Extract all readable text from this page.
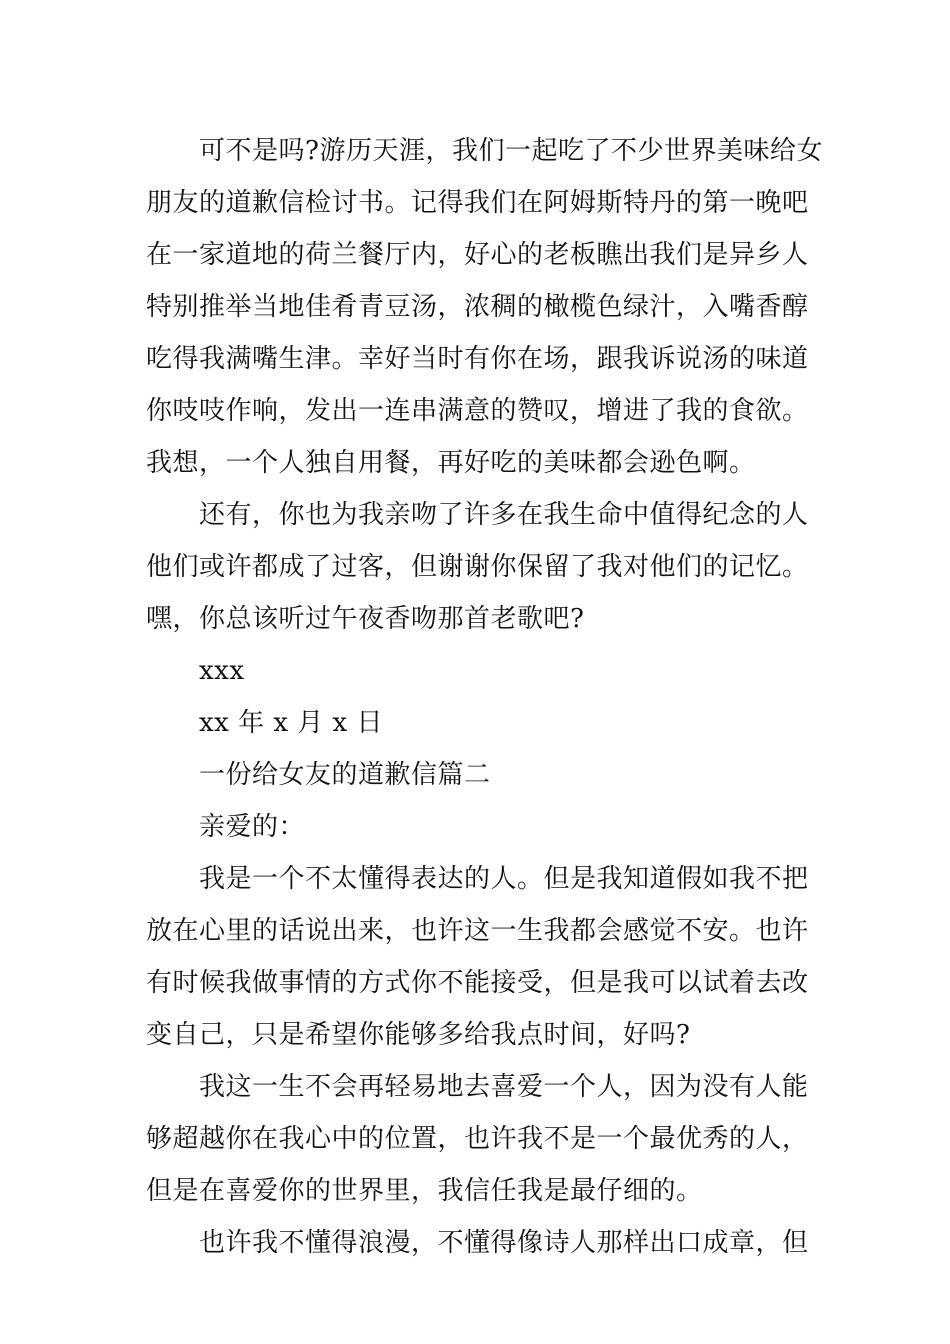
可不是吗?游历天涯，我们一起吃了不少世界美味给女
朋友的道歉信检讨书。记得我们在阿姆斯特丹的第一晚吧
在一家道地的荷兰餐厅内，好心的老板瞧出我们是异乡人
特别推举当地佳肴青豆汤，浓稠的橄榄色绿汁，入嘴香醇
吃得我满嘴生津。幸好当时有你在场，跟我诉说汤的味道
你吱吱作响，发出一连串满意的赞叹，增进了我的食欲。
我想，一个人独自用餐，再好吃的美味都会逊色啊。
还有，你也为我亲吻了许多在我生命中值得纪念的人
他们或许都成了过客，但谢谢你保留了我对他们的记忆。
嘿，你总该听过午夜香吻那首老歌吧?
xxx
xx 年 x 月 x 日
一份给女友的道歉信篇二
亲爱的：
我是一个不太懂得表达的人。但是我知道假如我不把
放在心里的话说出来，也许这一生我都会感觉不安。也许
有时候我做事情的方式你不能接受，但是我可以试着去改
变自己，只是希望你能够多给我点时间，好吗?
我这一生不会再轻易地去喜爱一个人，因为没有人能
够超越你在我心中的位置，也许我不是一个最优秀的人，
但是在喜爱你的世界里，我信任我是最仔细的。
也许我不懂得浪漫，不懂得像诗人那样出口成章，但
